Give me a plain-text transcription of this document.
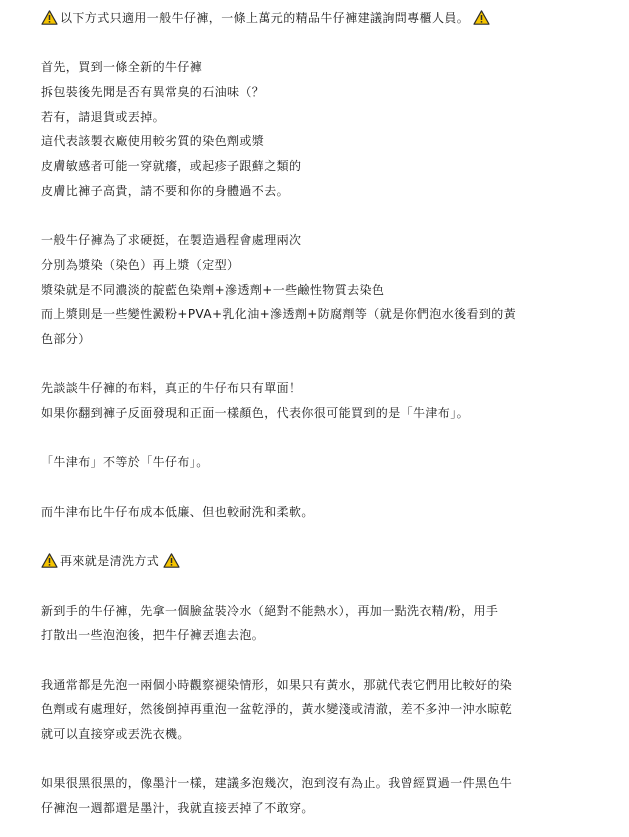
以下方式只適用一般牛仔褲，一條上萬元的精品牛仔褲建議詢問專櫃人員。
首先，買到一條全新的牛仔褲
拆包裝後先聞是否有異常臭的石油味（？
若有，請退貨或丟掉。
這代表該製衣廠使用較劣質的染色劑或漿
皮膚敏感者可能一穿就癢，或起疹子跟蘚之類的
皮膚比褲子高貴，請不要和你的身體過不去。
一般牛仔褲為了求硬挺，在製造過程會處理兩次
分別為漿染（染色）再上漿（定型）
漿染就是不同濃淡的靛藍色染劑+滲透劑+一些鹼性物質去染色
而上漿則是一些變性澱粉+PVA+乳化油+滲透劑+防腐劑等（就是你們泡水後看到的黃
色部分）
先談談牛仔褲的布料，真正的牛仔布只有單面！
如果你翻到褲子反面發現和正面一樣顏色，代表你很可能買到的是「牛津布」。
「牛津布」不等於「牛仔布」。
而牛津布比牛仔布成本低廉、但也較耐洗和柔軟。
再來就是清洗方式
新到手的牛仔褲，先拿一個臉盆裝冷水（絕對不能熱水），再加一點洗衣精/粉，用手
打散出一些泡泡後，把牛仔褲丟進去泡。
我通常都是先泡一兩個小時觀察褪染情形，如果只有黃水，那就代表它們用比較好的染
色劑或有處理好，然後倒掉再重泡一盆乾淨的，黃水變淺或清澈，差不多沖一沖水晾乾
就可以直接穿或丟洗衣機。
如果很黑很黑的，像墨汁一樣，建議多泡幾次，泡到沒有為止。我曾經買過一件黑色牛
仔褲泡一週都還是墨汁，我就直接丟掉了不敢穿。
